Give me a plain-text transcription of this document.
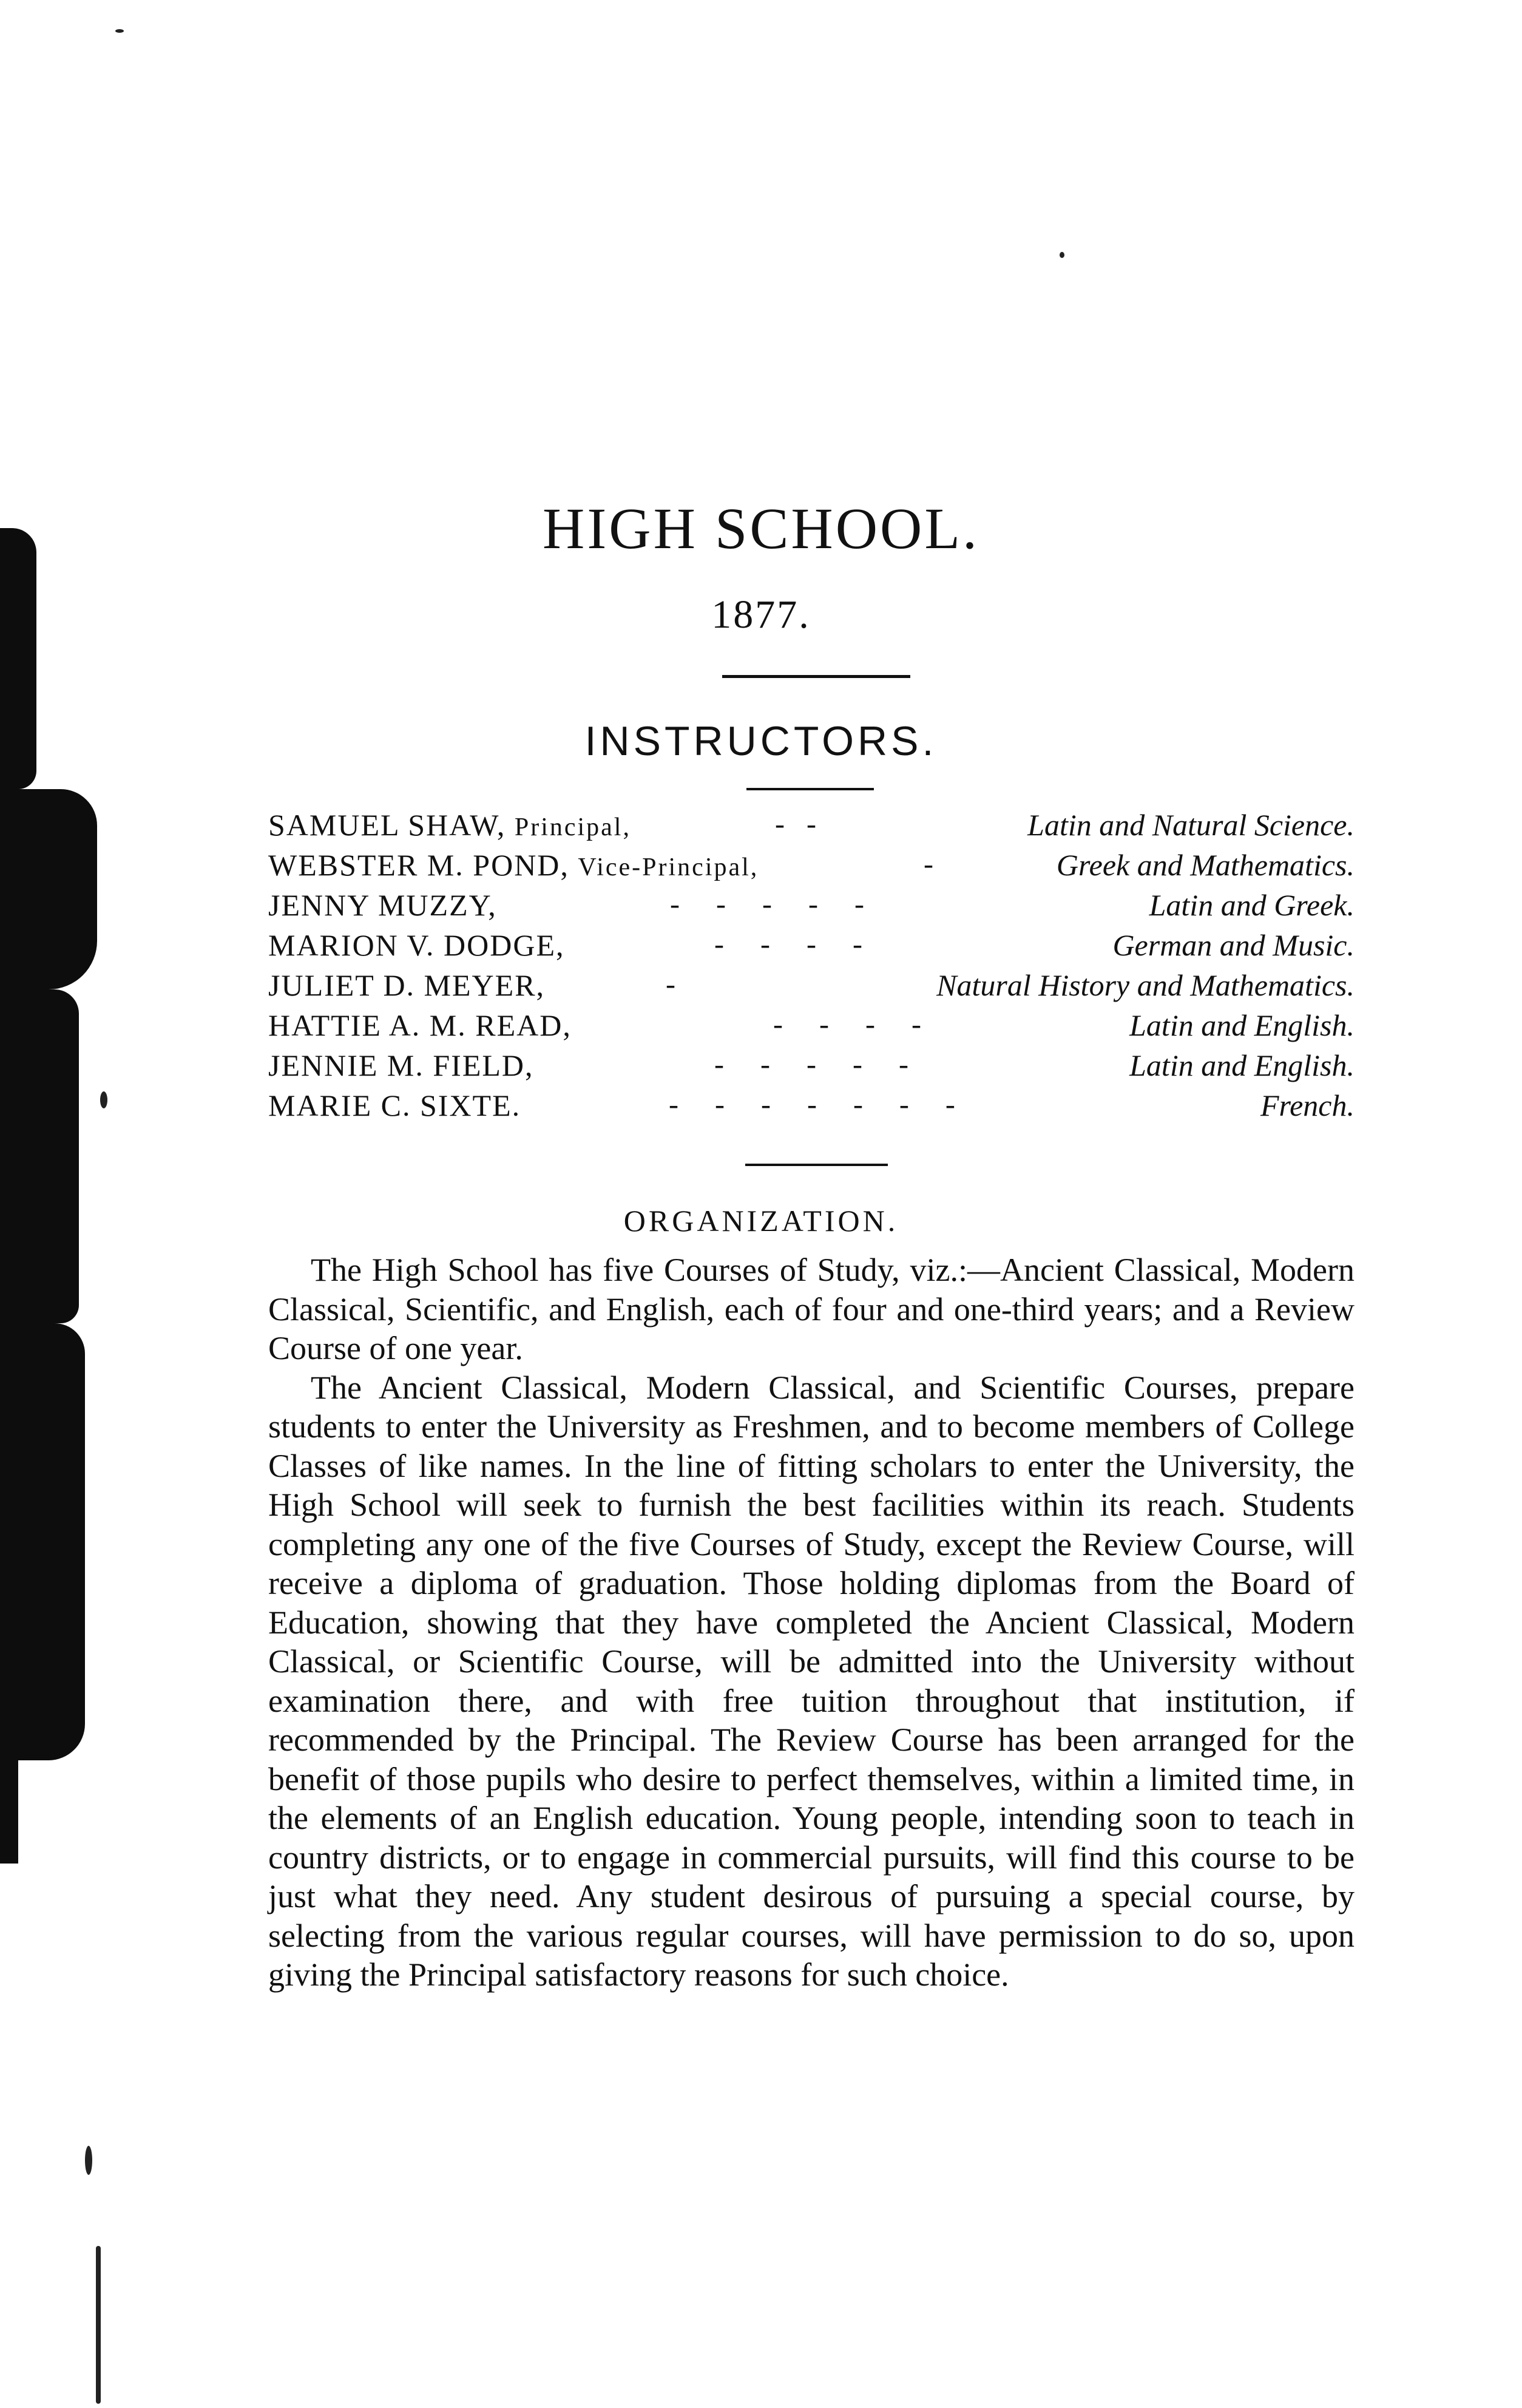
HIGH SCHOOL.
1877.
INSTRUCTORS.
SAMUEL SHAW, Principal,	-   -	Latin and Natural Science.
WEBSTER M. POND, Vice-Principal,	-	Greek and Mathematics.
JENNY MUZZY,	-     -     -     -     -	Latin and Greek.
MARION V. DODGE,	-     -     -     -	German and Music.
JULIET D. MEYER,	-	Natural History and Mathematics.
HATTIE A. M. READ,	-     -     -     -	Latin and English.
JENNIE M. FIELD,	-     -     -     -     -	Latin and English.
MARIE C. SIXTE.	-     -     -     -     -     -     -	French.
ORGANIZATION.

The High School has five Courses of Study, viz.:—Ancient Classical, Modern Classical, Scientific, and English, each of four and one-third years; and a Review Course of one year.

The Ancient Classical, Modern Classical, and Scientific Courses, prepare students to enter the University as Freshmen, and to become members of College Classes of like names. In the line of fitting scholars to enter the University, the High School will seek to furnish the best facilities within its reach. Students completing any one of the five Courses of Study, except the Review Course, will receive a diploma of graduation. Those holding diplomas from the Board of Education, showing that they have completed the Ancient Classical, Modern Classical, or Scientific Course, will be admitted into the University without examination there, and with free tuition throughout that institution, if recommended by the Principal. The Review Course has been arranged for the benefit of those pupils who desire to perfect themselves, within a limited time, in the elements of an English education. Young people, intending soon to teach in country districts, or to engage in commercial pursuits, will find this course to be just what they need. Any student desirous of pursuing a special course, by selecting from the various regular courses, will have permission to do so, upon giving the Principal satisfactory reasons for such choice.
